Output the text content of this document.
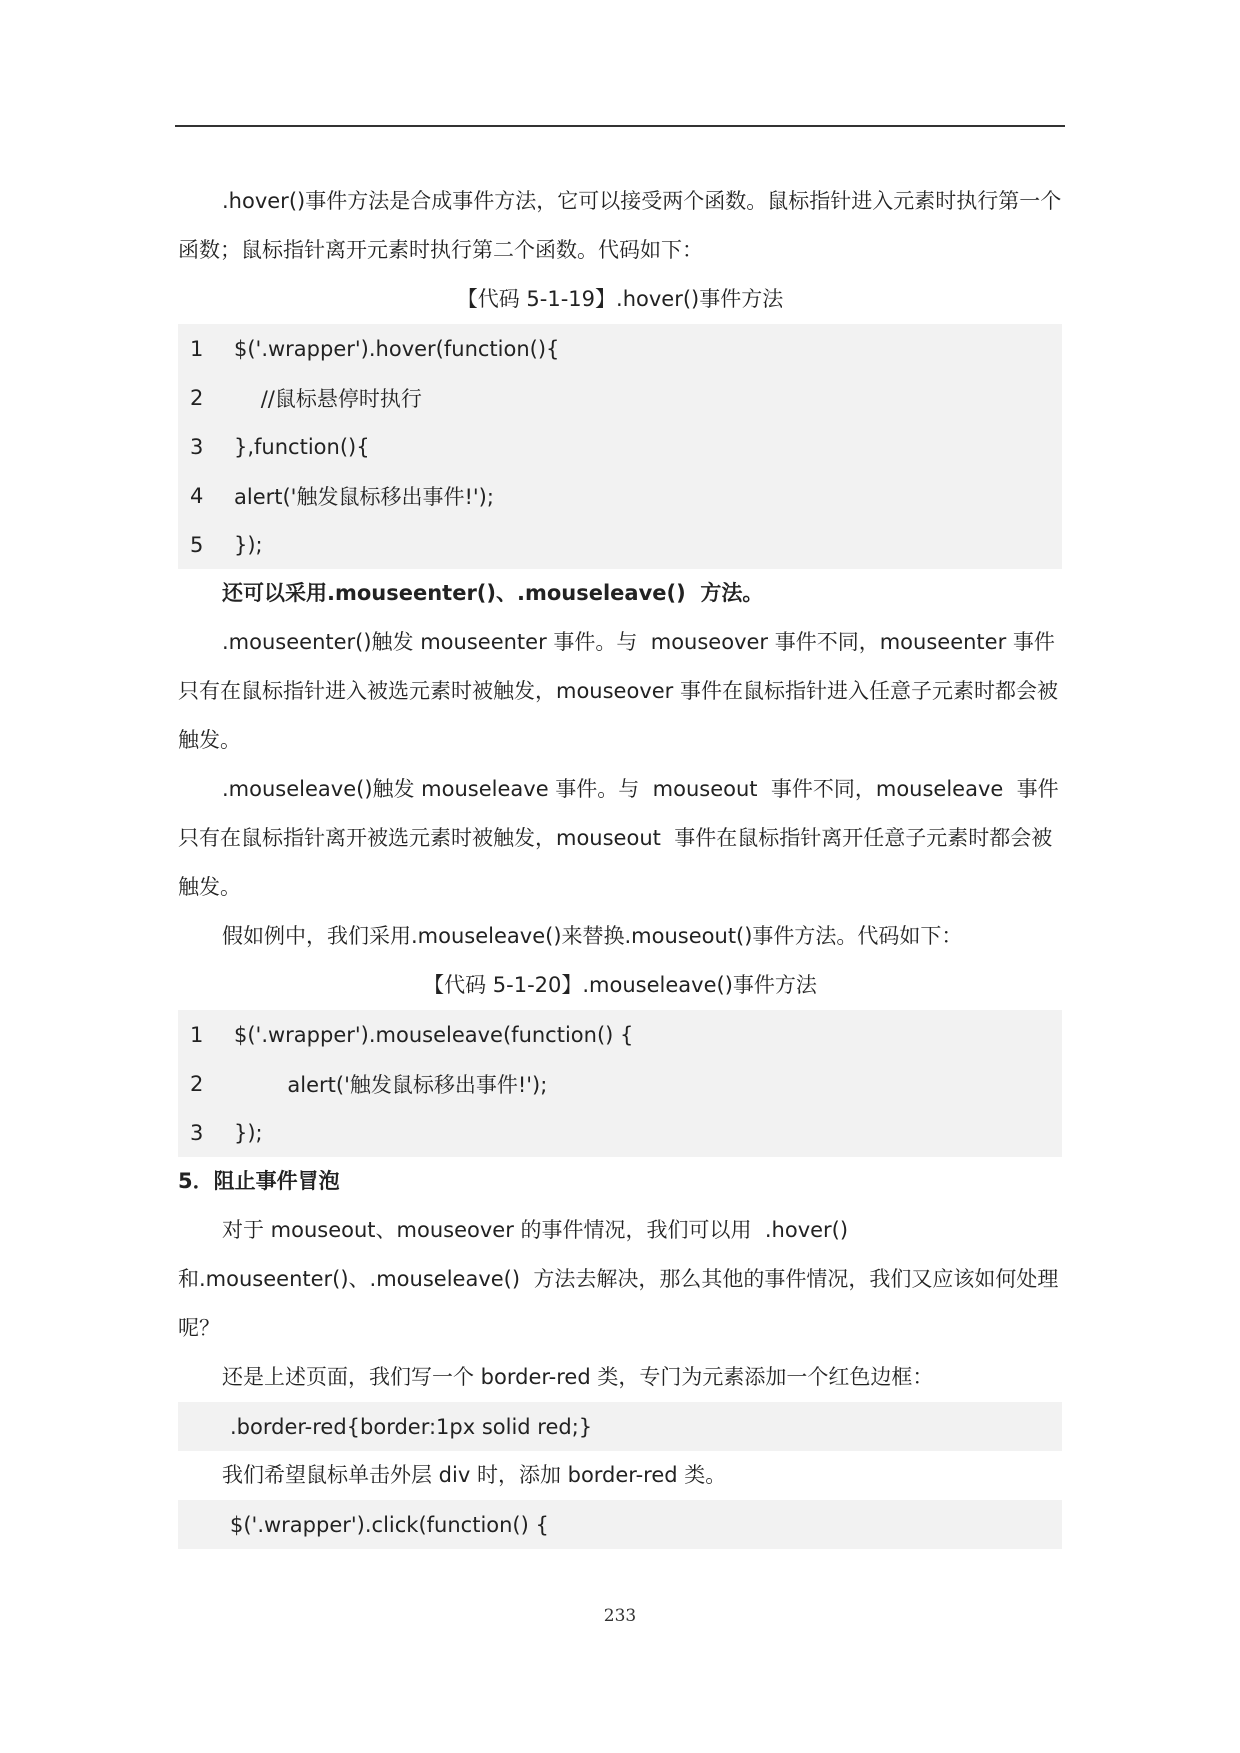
.hover()事件方法是合成事件方法，它可以接受两个函数。鼠标指针进入元素时执行第一个函数；鼠标指针离开元素时执行第二个函数。代码如下：

【代码 5-1-19】.hover()事件方法

1	$('.wrapper').hover(function(){
2	//鼠标悬停时执行
3	},function(){
4	alert('触发鼠标移出事件!');
5	});

还可以采用.mouseenter()、.mouseleave()  方法。

.mouseenter()触发 mouseenter 事件。与  mouseover 事件不同，mouseenter 事件只有在鼠标指针进入被选元素时被触发，mouseover 事件在鼠标指针进入任意子元素时都会被触发。

.mouseleave()触发 mouseleave 事件。与  mouseout  事件不同，mouseleave  事件只有在鼠标指针离开被选元素时被触发，mouseout  事件在鼠标指针离开任意子元素时都会被触发。

假如例中，我们采用.mouseleave()来替换.mouseout()事件方法。代码如下：

【代码 5-1-20】.mouseleave()事件方法

1	$('.wrapper').mouseleave(function() {
2	alert('触发鼠标移出事件!');
3	});

5．阻止事件冒泡

对于 mouseout、mouseover 的事件情况，我们可以用  .hover()

和.mouseenter()、.mouseleave()  方法去解决，那么其他的事件情况，我们又应该如何处理呢？

还是上述页面，我们写一个 border-red 类，专门为元素添加一个红色边框：

.border-red{border:1px solid red;}

我们希望鼠标单击外层 div 时，添加 border-red 类。

$('.wrapper').click(function() {
233
